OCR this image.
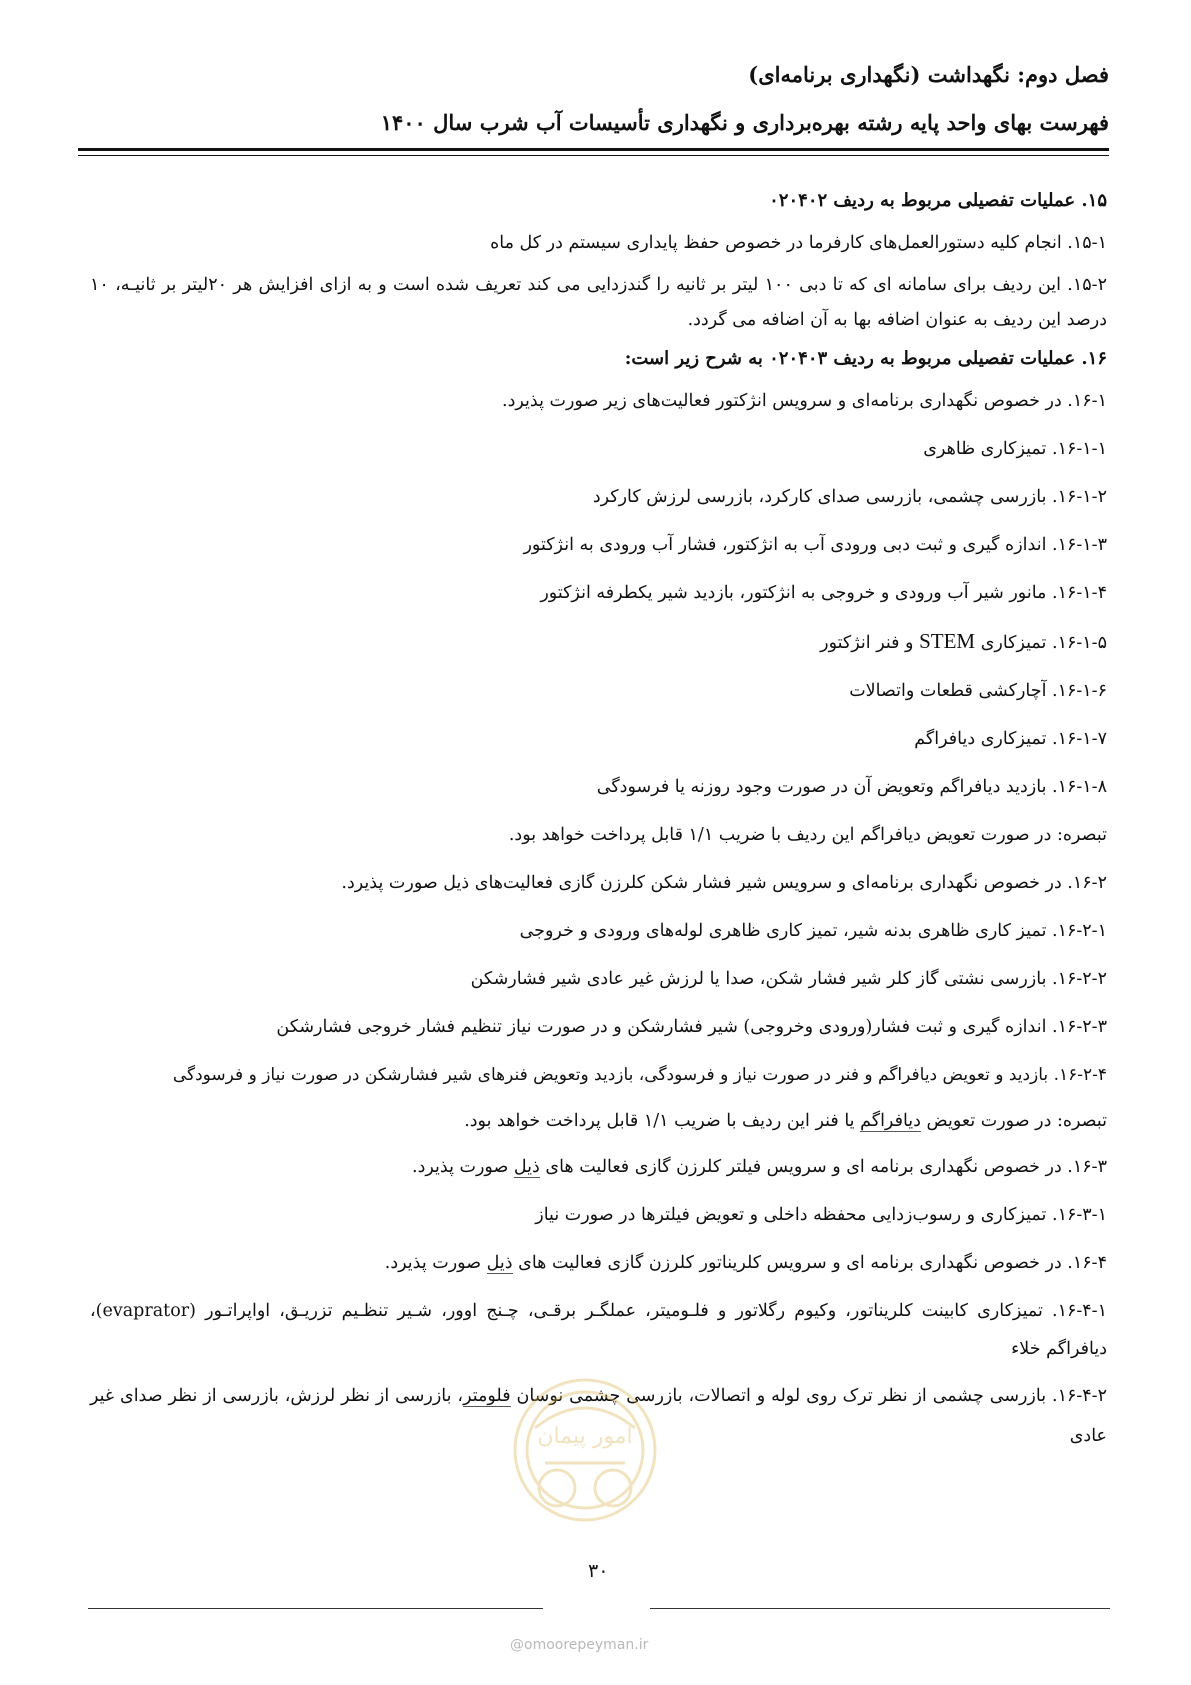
فصل دوم: نگهداشت (نگهداری برنامه‌ای)
فهرست بهای واحد پایه رشته بهره‌برداری و نگهداری تأسیسات آب شرب سال ۱۴۰۰
۱۵. عملیات تفصیلی مربوط به ردیف ۰۲۰۴۰۲
۱۵-۱. انجام کلیه دستورالعمل‌های کارفرما در خصوص حفظ پایداری سیستم در کل ماه
۱۵-۲. این ردیف برای سامانه ای که تا دبی ۱۰۰ لیتر بر ثانیه را گندزدایی می کند تعریف شده است و به ازای افزایش هر ۲۰لیتر بر ثانیـه، ۱۰ درصد این ردیف به عنوان اضافه بها به آن اضافه می گردد.
۱۶. عملیات تفصیلی مربوط به ردیف ۰۲۰۴۰۳ به شرح زیر است:
۱۶-۱. در خصوص نگهداری برنامه‌ای و سرویس انژکتور فعالیت‌های زیر صورت پذیرد.
۱۶-۱-۱. تمیزکاری ظاهری
۱۶-۱-۲. بازرسی چشمی، بازرسی صدای کارکرد، بازرسی لرزش کارکرد
۱۶-۱-۳. اندازه گیری و ثبت دبی ورودی آب به انژکتور، فشار آب ورودی به انژکتور
۱۶-۱-۴. مانور شیر آب ورودی و خروجی به انژکتور، بازدید شیر یکطرفه انژکتور
۱۶-۱-۵. تمیزکاری STEM و فنر انژکتور
۱۶-۱-۶. آچارکشی قطعات واتصالات
۱۶-۱-۷. تمیزکاری دیافراگم
۱۶-۱-۸. بازدید دیافراگم وتعویض آن در صورت وجود روزنه یا فرسودگی
تبصره: در صورت تعویض دیافراگم این ردیف با ضریب ۱/۱ قابل پرداخت خواهد بود.
۱۶-۲. در خصوص نگهداری برنامه‌ای و سرویس شیر فشار شکن کلرزن گازی فعالیت‌های ذیل صورت پذیرد.
۱۶-۲-۱. تمیز کاری ظاهری بدنه شیر، تمیز کاری ظاهری لوله‌های ورودی و خروجی
۱۶-۲-۲. بازرسی نشتی گاز کلر شیر فشار شکن، صدا یا لرزش غیر عادی شیر فشارشکن
۱۶-۲-۳. اندازه گیری و ثبت فشار(ورودی وخروجی) شیر فشارشکن و در صورت نیاز تنظیم فشار خروجی فشارشکن
۱۶-۲-۴. بازدید و تعویض دیافراگم و فنر در صورت نیاز و فرسودگی، بازدید وتعویض فنرهای شیر فشارشکن در صورت نیاز و فرسودگی
تبصره: در صورت تعویض دیافراگم یا فنر این ردیف با ضریب ۱/۱ قابل پرداخت خواهد بود.
۱۶-۳. در خصوص نگهداری برنامه ای و سرویس فیلتر کلرزن گازی فعالیت های ذیل صورت پذیرد.
۱۶-۳-۱. تمیزکاری و رسوب‌زدایی محفظه داخلی و تعویض فیلترها در صورت نیاز
۱۶-۴. در خصوص نگهداری برنامه ای و سرویس کلریناتور کلرزن گازی فعالیت های ذیل صورت پذیرد.
۱۶-۴-۱. تمیزکاری کابینت کلریناتور، وکیوم رگلاتور و فلـومیتر، عملگـر برقـی، چـنج اوور، شـیر تنظـیم تزریـق، اواپراتـور (evaprator)، دیافراگم خلاء
۱۶-۴-۲. بازرسی چشمی از نظر ترک روی لوله و اتصالات، بازرسی چشمی نوسان فلومتر، بازرسی از نظر لرزش، بازرسی از نظر صدای غیر عادی
امور پیمان
۳۰
@omoorepeyman.ir
